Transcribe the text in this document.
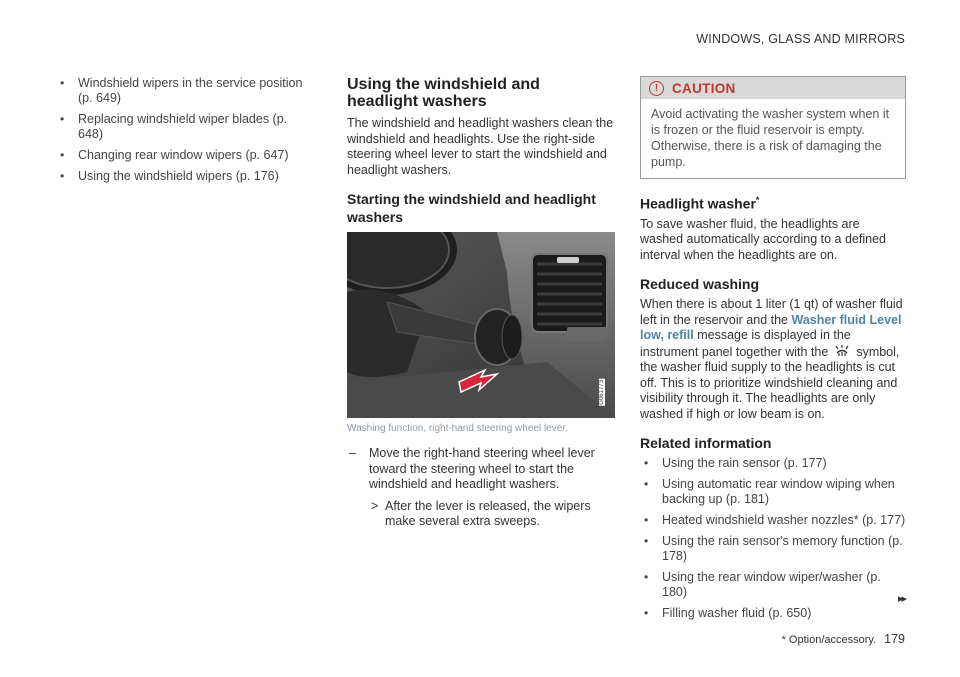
WINDOWS, GLASS AND MIRRORS
• Windshield wipers in the service position (p. 649)
• Replacing windshield wiper blades (p. 648)
• Changing rear window wipers (p. 647)
• Using the windshield wipers (p. 176)
Using the windshield and headlight washers

The windshield and headlight washers clean the windshield and headlights. Use the right-side steering wheel lever to start the windshield and headlight washers.

Starting the windshield and headlight washers
G061773
Washing function, right-hand steering wheel lever.
– Move the right-hand steering wheel lever toward the steering wheel to start the windshield and headlight washers.
> After the lever is released, the wipers make several extra sweeps.
!	CAUTION
Avoid activating the washer system when it is frozen or the fluid reservoir is empty. Otherwise, there is a risk of damaging the pump.
Headlight washer*

To save washer fluid, the headlights are washed automatically according to a defined interval when the headlights are on.

Reduced washing

When there is about 1 liter (1 qt) of washer fluid left in the reservoir and the Washer fluid Level low, refill message is displayed in the instrument panel together with the symbol, the washer fluid supply to the headlights is cut off. This is to prioritize windshield cleaning and visibility through it. The headlights are only washed if high or low beam is on.

Related information
• Using the rain sensor (p. 177)
• Using automatic rear window wiping when backing up (p. 181)
• Heated windshield washer nozzles* (p. 177)
• Using the rain sensor's memory function (p. 178)
• Using the rear window wiper/washer (p. 180)
• Filling washer fluid (p. 650)
▸▸
* Option/accessory. 179
